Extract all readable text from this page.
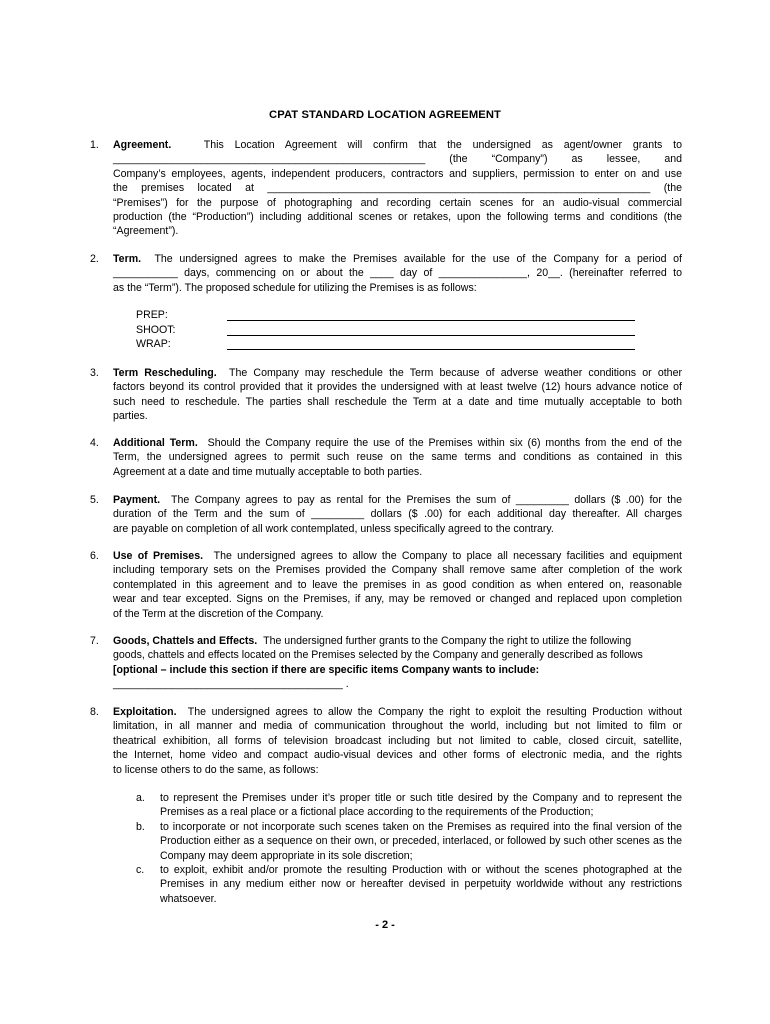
CPAT STANDARD LOCATION AGREEMENT
1. Agreement.	This Location Agreement will confirm that the undersigned as agent/owner grants to
_____________________________________________________ (the “Company”) as lessee, and
Company’s employees, agents, independent producers, contractors and suppliers, permission to enter on and use
the premises located at _________________________________________________________________ (the
“Premises”) for the purpose of photographing and recording certain scenes for an audio-visual commercial
production (the “Production”) including additional scenes or retakes, upon the following terms and conditions (the
“Agreement”).
2. Term. The undersigned agrees to make the Premises available for the use of the Company for a period of
___________ days, commencing on or about the ____ day of _______________, 20__. (hereinafter referred to
as the “Term”). The proposed schedule for utilizing the Premises is as follows:
PREP:
SHOOT:
WRAP:
3. Term Rescheduling. The Company may reschedule the Term because of adverse weather conditions or other
factors beyond its control provided that it provides the undersigned with at least twelve (12) hours advance notice of
such need to reschedule. The parties shall reschedule the Term at a date and time mutually acceptable to both
parties.
4. Additional Term. Should the Company require the use of the Premises within six (6) months from the end of the
Term, the undersigned agrees to permit such reuse on the same terms and conditions as contained in this
Agreement at a date and time mutually acceptable to both parties.
5. Payment. The Company agrees to pay as rental for the Premises the sum of _________ dollars ($ .00) for the
duration of the Term and the sum of _________ dollars ($ .00) for each additional day thereafter. All charges
are payable on completion of all work contemplated, unless specifically agreed to the contrary.
6. Use of Premises. The undersigned agrees to allow the Company to place all necessary facilities and equipment
including temporary sets on the Premises provided the Company shall remove same after completion of the work
contemplated in this agreement and to leave the premises in as good condition as when entered on, reasonable
wear and tear excepted. Signs on the Premises, if any, may be removed or changed and replaced upon completion
of the Term at the discretion of the Company.
7. Goods, Chattels and Effects. The undersigned further grants to the Company the right to utilize the following
goods, chattels and effects located on the Premises selected by the Company and generally described as follows
[optional – include this section if there are specific items Company wants to include:
_______________________________________ .
8. Exploitation. The undersigned agrees to allow the Company the right to exploit the resulting Production without
limitation, in all manner and media of communication throughout the world, including but not limited to film or
theatrical exhibition, all forms of television broadcast including but not limited to cable, closed circuit, satellite,
the Internet, home video and compact audio-visual devices and other forms of electronic media, and the rights
to license others to do the same, as follows:
a. to represent the Premises under it’s proper title or such title desired by the Company and to represent the Premises as a real place or a fictional place according to the requirements of the Production;
b. to incorporate or not incorporate such scenes taken on the Premises as required into the final version of the Production either as a sequence on their own, or preceded, interlaced, or followed by such other scenes as the Company may deem appropriate in its sole discretion;
c. to exploit, exhibit and/or promote the resulting Production with or without the scenes photographed at the Premises in any medium either now or hereafter devised in perpetuity worldwide without any restrictions whatsoever.
- 2 -
